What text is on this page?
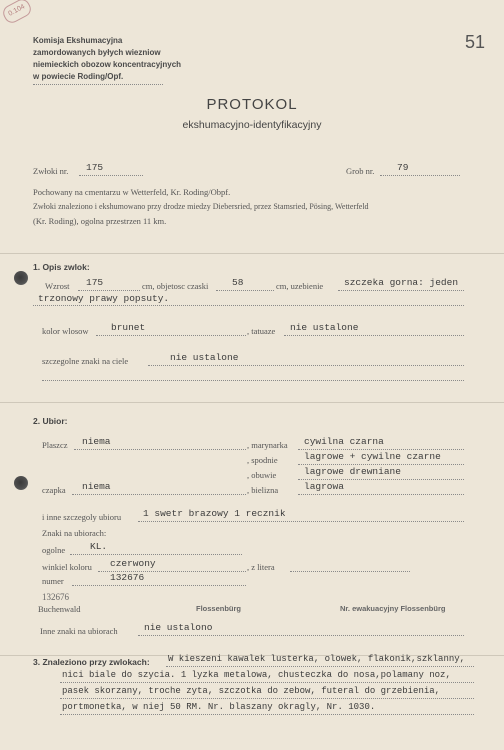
0.104
51
Komisja Ekshumacyjna
zamordowanych byłych wiezniow
niemieckich obozow koncentracyjnych
w powiecie Roding/Opf.
PROTOKOL
ekshumacyjno-identyfikacyjny
Zwłoki nr. 175	Grob nr. 79
Pochowany na cmentarzu w Wetterfeld, Kr. Roding/Obpf.
Zwłoki znaleziono i ekshumowano przy drodze miedzy Diebersried, przez Stamsried, Pösing, Wetterfeld
(Kr. Roding), ogolna przestrzen 11 km.
1. Opis zwlok:
Wzrost 175	cm, objetosc czaski 58	cm, uzebienie szczeka gorna: jeden
trzonowy prawy popsuty.
kolor wlosow brunet	, tatuaze nie ustalone
szczegolne znaki na ciele	nie ustalone
2. Ubior:
Plaszcz niema	, marynarka cywilna czarna
, spodnie	lagrowe + cywilne czarne
, obuwie	lagrowe drewniane
czapka niema	, bielizna	lagrowa
i inne szczegoly ubioru 1 swetr brazowy 1 recznik
Znaki na ubiorach:
ogolne	KL.
winkiel koloru czerwony	, z litera
numer	132676
132676
Buchenwald	Flossenbürg	Nr. ewakuacyjny Flossenbürg
Inne znaki na ubiorach	nie ustalono
3. Znaleziono przy zwlokach: W kieszeni kawalek lusterka, olowek, flakonik,szklanny,
nici biale do szycia. 1 lyzka metalowa, chusteczka do nosa,polamany noz,
pasek skorzany, troche zyta, szczotka do zebow, futeral do grzebienia,
portmonetka, w niej 50 RM. Nr. blaszany okragly, Nr. 1030.
